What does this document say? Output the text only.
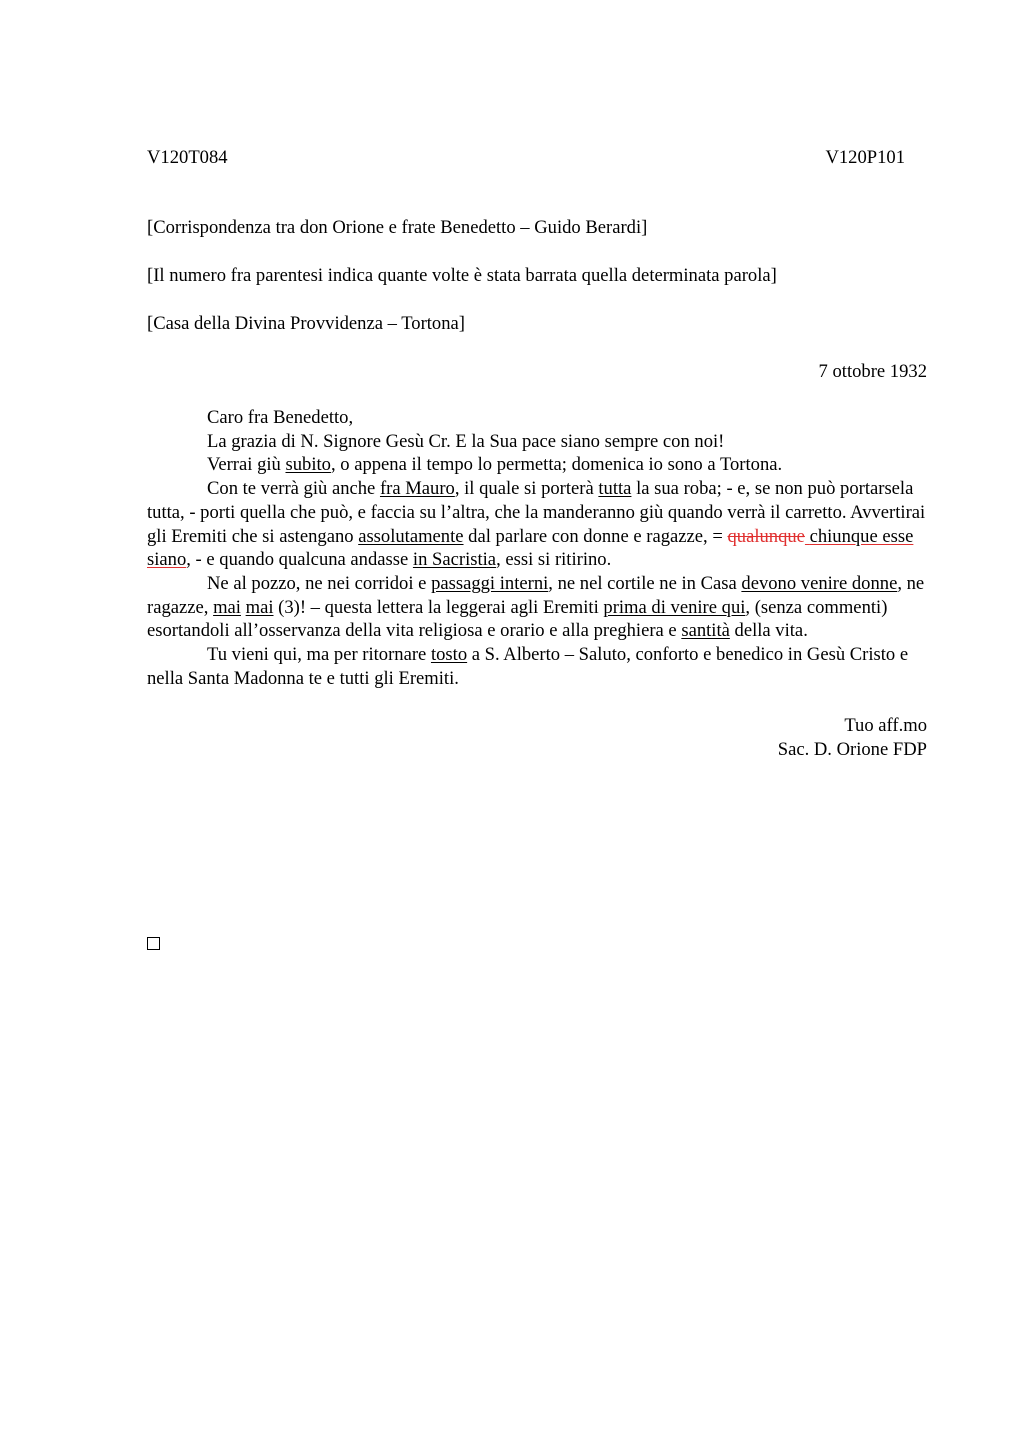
V120T084	V120P101

[Corrispondenza tra don Orione e frate Benedetto – Guido Berardi]

[Il numero fra parentesi indica quante volte è stata barrata quella determinata parola]

[Casa della Divina Provvidenza – Tortona]

7 ottobre 1932

Caro fra Benedetto,

La grazia di N. Signore Gesù Cr. E la Sua pace siano sempre con noi!

Verrai giù subito, o appena il tempo lo permetta; domenica io sono a Tortona.

Con te verrà giù anche fra Mauro, il quale si porterà tutta la sua roba; - e, se non può portarsela tutta, - porti quella che può, e faccia su l’altra, che la manderanno giù quando verrà il carretto. Avvertirai gli Eremiti che si astengano assolutamente dal parlare con donne e ragazze, = qualunque chiunque esse siano, - e quando qualcuna andasse in Sacristia, essi si ritirino.

Ne al pozzo, ne nei corridoi e passaggi interni, ne nel cortile ne in Casa devono venire donne, ne ragazze, mai mai (3)! – questa lettera la leggerai agli Eremiti prima di venire qui, (senza commenti) esortandoli all’osservanza della vita religiosa e orario e alla preghiera e santità della vita.

Tu vieni qui, ma per ritornare tosto a S. Alberto – Saluto, conforto e benedico in Gesù Cristo e nella Santa Madonna te e tutti gli Eremiti.

Tuo aff.mo
Sac. D. Orione FDP
